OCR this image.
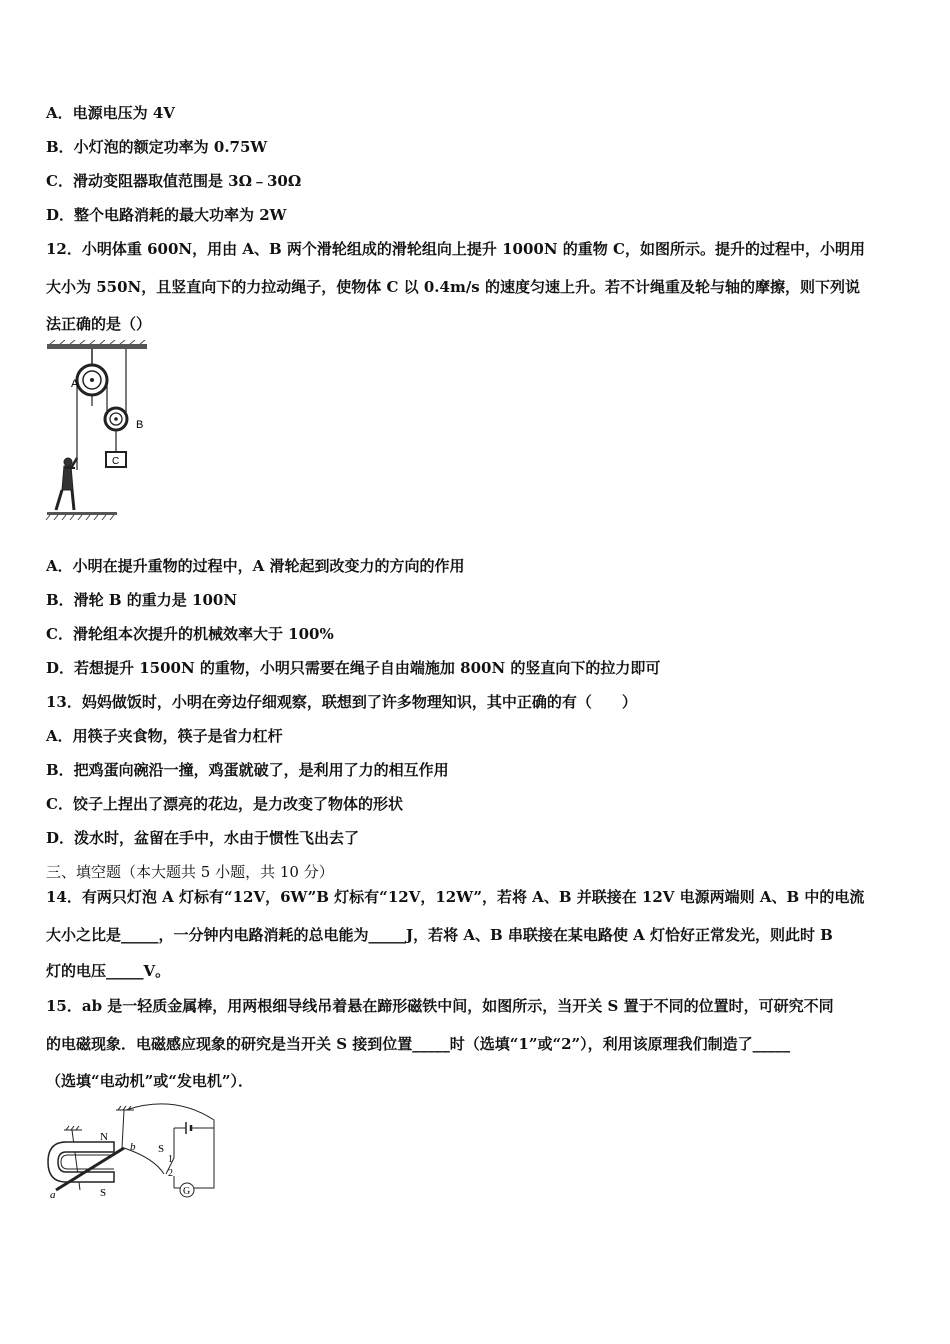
A．电源电压为 4V
B．小灯泡的额定功率为 0.75W
C．滑动变阻器取值范围是 3Ω﹣30Ω
D．整个电路消耗的最大功率为 2W
12．小明体重 600N，用由 A、B 两个滑轮组成的滑轮组向上提升 1000N 的重物 C，如图所示。提升的过程中，小明用
大小为 550N，且竖直向下的力拉动绳子，使物体 C 以 0.4m/s 的速度匀速上升。若不计绳重及轮与轴的摩擦，则下列说
法正确的是（）
A
B
C
A．小明在提升重物的过程中，A 滑轮起到改变力的方向的作用
B．滑轮 B 的重力是 100N
C．滑轮组本次提升的机械效率大于 100%
D．若想提升 1500N 的重物，小明只需要在绳子自由端施加 800N 的竖直向下的拉力即可
13．妈妈做饭时，小明在旁边仔细观察，联想到了许多物理知识，其中正确的有（　　）
A．用筷子夹食物，筷子是省力杠杆
B．把鸡蛋向碗沿一撞，鸡蛋就破了，是利用了力的相互作用
C．饺子上捏出了漂亮的花边，是力改变了物体的形状
D．泼水时，盆留在手中，水由于惯性飞出去了
三、填空题（本大题共 5 小题，共 10 分）
14．有两只灯泡 A 灯标有“12V，6W”B 灯标有“12V，12W”，若将 A、B 并联接在 12V 电源两端则 A、B 中的电流
大小之比是_____，一分钟内电路消耗的总电能为_____J，若将 A、B 串联接在某电路使 A 灯恰好正常发光，则此时 B
灯的电压_____V。
15．ab 是一轻质金属棒，用两根细导线吊着悬在蹄形磁铁中间，如图所示，当开关 S 置于不同的位置时，可研究不同
的电磁现象．电磁感应现象的研究是当开关 S 接到位置_____时（选填“1”或“2”），利用该原理我们制造了_____
（选填“电动机”或“发电机”）．
G
N
S
a
b S
1
2
